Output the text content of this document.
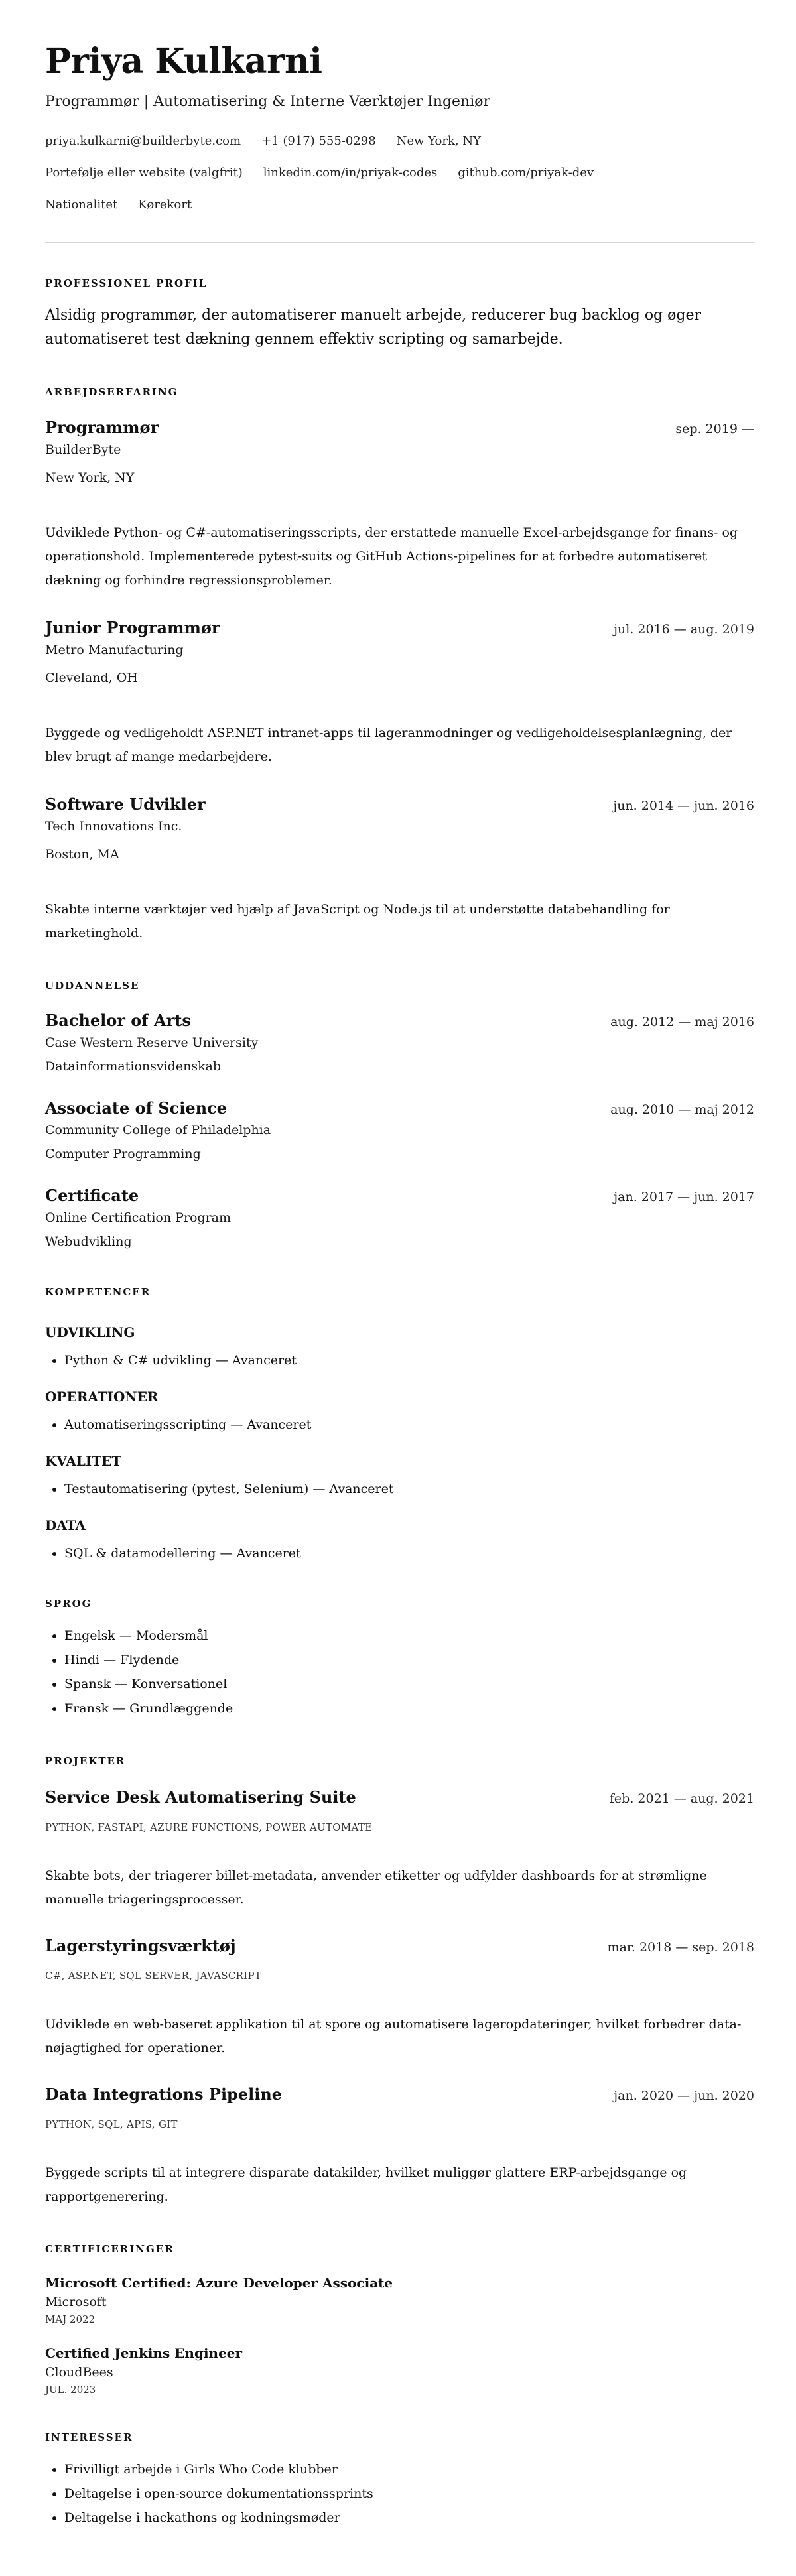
Priya Kulkarni
Programmør | Automatisering & Interne Værktøjer Ingeniør
priya.kulkarni@builderbyte.com +1 (917) 555-0298 New York, NY
Portefølje eller website (valgfrit) linkedin.com/in/priyak-codes github.com/priyak-dev
Nationalitet Kørekort
PROFESSIONEL PROFIL
Alsidig programmør, der automatiserer manuelt arbejde, reducerer bug backlog og øger automatiseret test dækning gennem effektiv scripting og samarbejde.
ARBEJDSERFARING
Programmør	sep. 2019 —
BuilderByte
New York, NY
Udviklede Python- og C#-automatiseringsscripts, der erstattede manuelle Excel-arbejdsgange for finans- og operationshold. Implementerede pytest-suits og GitHub Actions-pipelines for at forbedre automatiseret dækning og forhindre regressionsproblemer.
Junior Programmør	jul. 2016 — aug. 2019
Metro Manufacturing
Cleveland, OH
Byggede og vedligeholdt ASP.NET intranet-apps til lageranmodninger og vedligeholdelsesplanlægning, der blev brugt af mange medarbejdere.
Software Udvikler	jun. 2014 — jun. 2016
Tech Innovations Inc.
Boston, MA
Skabte interne værktøjer ved hjælp af JavaScript og Node.js til at understøtte databehandling for marketinghold.
UDDANNELSE
Bachelor of Arts	aug. 2012 — maj 2016
Case Western Reserve University
Datainformationsvidenskab
Associate of Science	aug. 2010 — maj 2012
Community College of Philadelphia
Computer Programming
Certificate	jan. 2017 — jun. 2017
Online Certification Program
Webudvikling
KOMPETENCER
UDVIKLING
• Python & C# udvikling — Avanceret
OPERATIONER
• Automatiseringsscripting — Avanceret
KVALITET
• Testautomatisering (pytest, Selenium) — Avanceret
DATA
• SQL & datamodellering — Avanceret
SPROG
• Engelsk — Modersmål
• Hindi — Flydende
• Spansk — Konversationel
• Fransk — Grundlæggende
PROJEKTER
Service Desk Automatisering Suite	feb. 2021 — aug. 2021
PYTHON, FASTAPI, AZURE FUNCTIONS, POWER AUTOMATE
Skabte bots, der triagerer billet-metadata, anvender etiketter og udfylder dashboards for at strømligne manuelle triageringsprocesser.
Lagerstyringsværktøj	mar. 2018 — sep. 2018
C#, ASP.NET, SQL SERVER, JAVASCRIPT
Udviklede en web-baseret applikation til at spore og automatisere lageropdateringer, hvilket forbedrer data-nøjagtighed for operationer.
Data Integrations Pipeline	jan. 2020 — jun. 2020
PYTHON, SQL, APIS, GIT
Byggede scripts til at integrere disparate datakilder, hvilket muliggør glattere ERP-arbejdsgange og rapportgenerering.
CERTIFICERINGER
Microsoft Certified: Azure Developer Associate
Microsoft
MAJ 2022
Certified Jenkins Engineer
CloudBees
JUL. 2023
INTERESSER
• Frivilligt arbejde i Girls Who Code klubber
• Deltagelse i open-source dokumentationssprints
• Deltagelse i hackathons og kodningsmøder
